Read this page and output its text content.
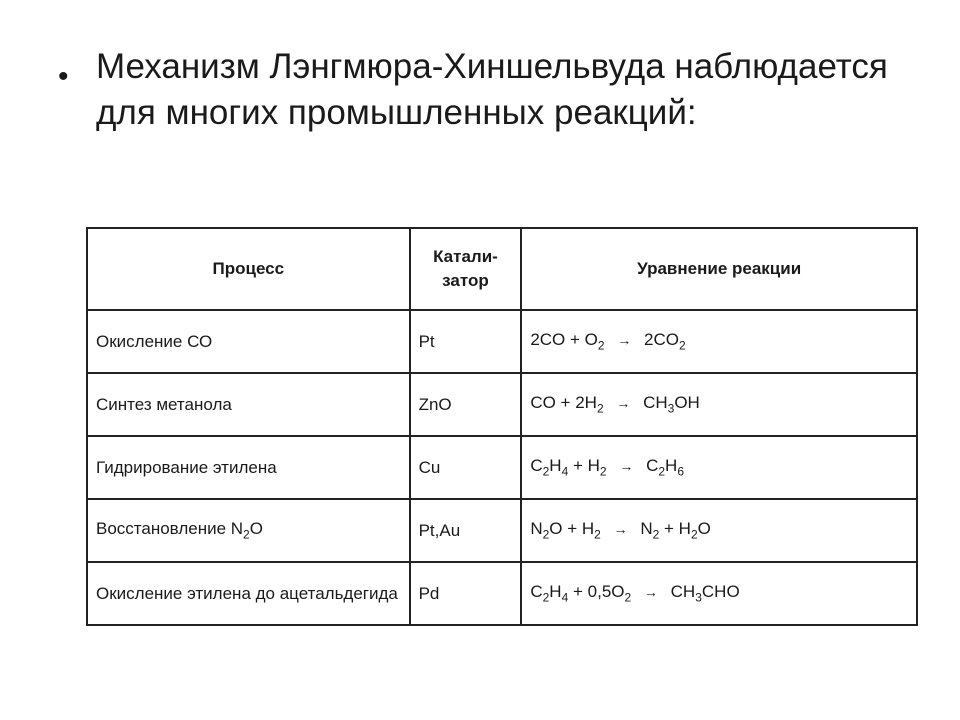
• Механизм Лэнгмюра-Хиншельвуда наблюдается для многих промышленных реакций:
Процесс	Катали-затор	Уравнение реакции
Окисление СО	Pt	$2CO + O_2 \to 2CO_2$
Синтез метанола	ZnO	CO + $2H_2 \to CH_3OH$
Гидрирование этилена	Cu	$C_2H_4 + H_2 \to C_2H_6$
Восстановление $N_2O$	Pt,Au	$N_2O + H_2 \to N_2 + H_2O$
Окисление этилена до ацетальдегида	Pd	$C_2H_4 + 0,5O_2 \to CH_3CHO$
